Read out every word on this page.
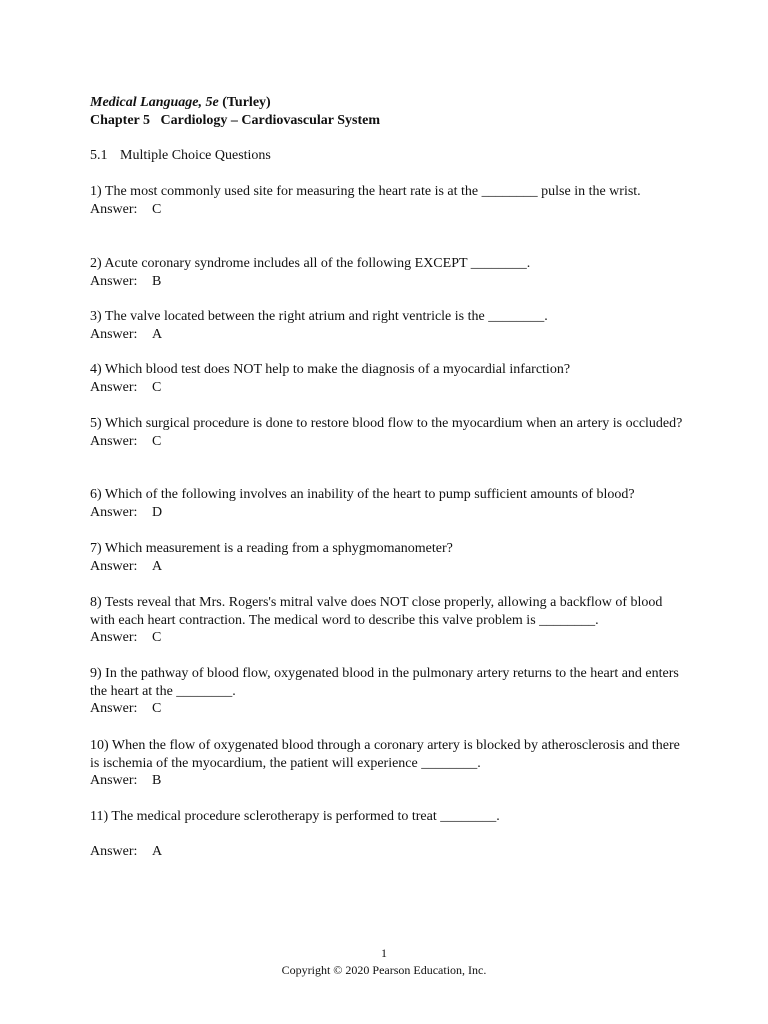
Medical Language, 5e (Turley)
Chapter 5   Cardiology – Cardiovascular System
5.1 Multiple Choice Questions
1) The most commonly used site for measuring the heart rate is at the ________ pulse in the wrist.
Answer: C
2) Acute coronary syndrome includes all of the following EXCEPT ________.
Answer: B
3) The valve located between the right atrium and right ventricle is the ________.
Answer: A
4) Which blood test does NOT help to make the diagnosis of a myocardial infarction?
Answer: C
5) Which surgical procedure is done to restore blood flow to the myocardium when an artery is occluded?
Answer: C
6) Which of the following involves an inability of the heart to pump sufficient amounts of blood?
Answer: D
7) Which measurement is a reading from a sphygmomanometer?
Answer: A
8) Tests reveal that Mrs. Rogers's mitral valve does NOT close properly, allowing a backflow of blood with each heart contraction. The medical word to describe this valve problem is ________.
Answer: C
9) In the pathway of blood flow, oxygenated blood in the pulmonary artery returns to the heart and enters the heart at the ________.
Answer: C
10) When the flow of oxygenated blood through a coronary artery is blocked by atherosclerosis and there is ischemia of the myocardium, the patient will experience ________.
Answer: B
11) The medical procedure sclerotherapy is performed to treat ________.
Answer: A
1
Copyright © 2020 Pearson Education, Inc.
